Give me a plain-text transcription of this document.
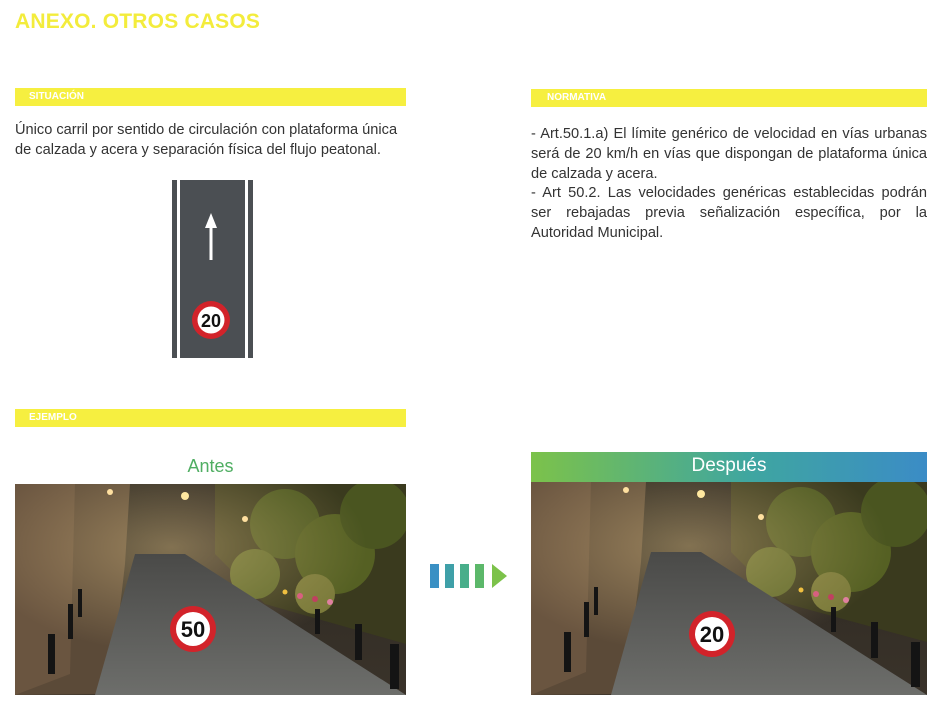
ANEXO. OTROS CASOS
SITUACIÓN

Único carril por sentido de circulación con plataforma única de calzada y acera y separación física del flujo peatonal.

20
NORMATIVA

- Art.50.1.a) El límite genérico de velocidad en vías urbanas será de 20 km/h en vías que dispongan de plataforma única de calzada y acera.

- Art 50.2. Las velocidades genéricas establecidas podrán ser rebajadas previa señalización específica, por la Autoridad Municipal.

EJEMPLO
Antes	Después
50	20
